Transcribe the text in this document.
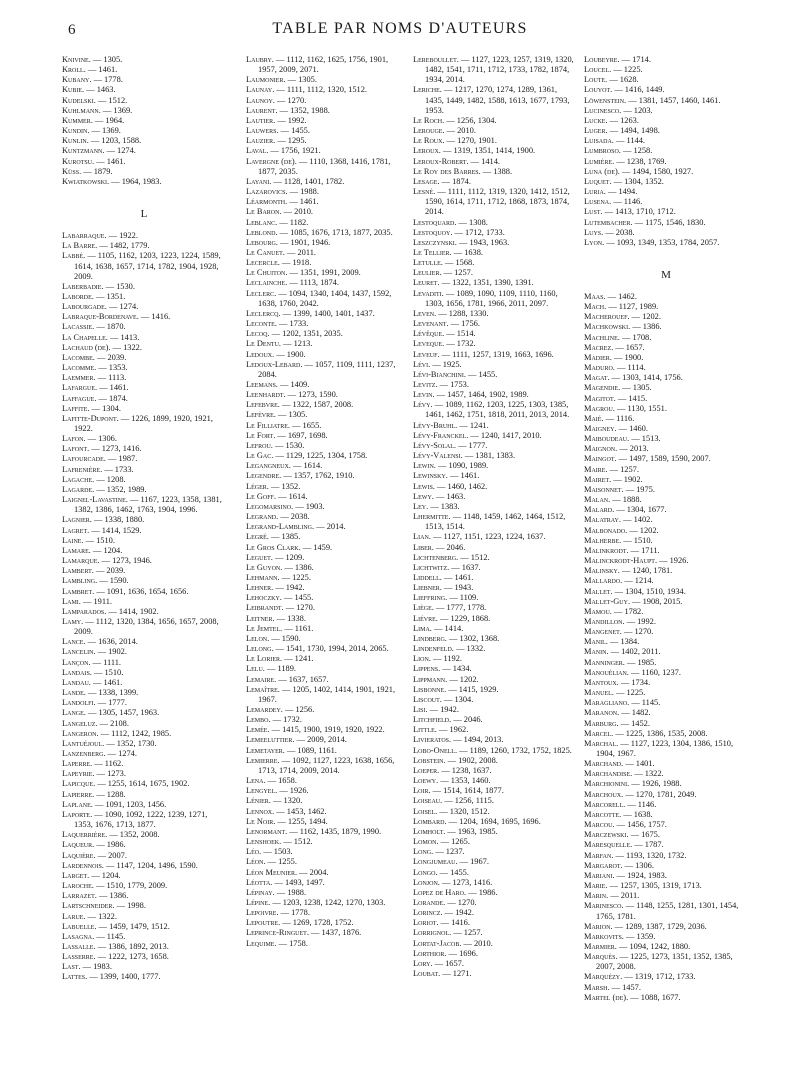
6	TABLE PAR NOMS D'AUTEURS
Knivine. — 1305.
Kroll. — 1461.
Kubany. — 1778.
Kubie. — 1463.
Kudelski. — 1512.
Kuhlmann. — 1369.
Kummer. — 1964.
Kundin. — 1369.
Kunlin. — 1203, 1588.
Kuntzmann. — 1274.
Kurotsu. — 1461.
Küss. — 1879.
Kwiatkowski. — 1964, 1983.
L
Labarraque. — 1922.
La Barre. — 1482, 1779.
Labbé. — 1105, 1162, 1203, 1223, 1224, 1589, 1614, 1638, 1657, 1714, 1782, 1904, 1928, 2009.
Laberbadie. — 1530.
Laborde. — 1351.
Labourgade. — 1274.
Labraque-Bordenave. — 1416.
Lacassie. — 1870.
La Chapelle. — 1413.
Lachaud (de). — 1322.
Lacombe. — 2039.
Lacomme. — 1353.
Laemmer. — 1113.
Lafargue. — 1461.
Laffague. — 1874.
Laffite. — 1304.
Lafitte-Dupont. — 1226, 1899, 1920, 1921, 1922.
Lafon. — 1306.
Lafont. — 1273, 1416.
Lafourcade. — 1987.
Lafrenière. — 1733.
Lagache. — 1208.
Lagarde. — 1352, 1989.
Laignel-Lavastine. — 1167, 1223, 1358, 1381, 1382, 1386, 1462, 1763, 1904, 1996.
Lagnier. — 1338, 1880.
Lagret. — 1414, 1529.
Laine. — 1510.
Lamare. — 1204.
Lamarque. — 1273, 1946.
Lambert. — 2039.
Lambling. — 1590.
Lambret. — 1091, 1636, 1654, 1656.
Lami. — 1911.
Lamparados. — 1414, 1902.
Lamy. — 1112, 1320, 1384, 1656, 1657, 2008, 2009.
Lance. — 1636, 2014.
Lancelin. — 1902.
Lançon. — 1111.
Landais. — 1510.
Landau. — 1461.
Lande. — 1338, 1399.
Landolfi. — 1777.
Lange. — 1305, 1457, 1963.
Langeluz. — 2108.
Langeron. — 1112, 1242, 1985.
Lantuéjoul. — 1352, 1730.
Lanzenberg. — 1274.
Laperre. — 1162.
Lapeyrie. — 1273.
Lapicque. — 1255, 1614, 1675, 1902.
Lapierre. — 1288.
Laplane. — 1091, 1203, 1456.
Laporte. — 1090, 1092, 1222, 1239, 1271, 1353, 1676, 1713, 1877.
Laquerrière. — 1352, 2008.
Laqueur. — 1986.
Laquière. — 2007.
Lardennois. — 1147, 1204, 1496, 1590.
Larget. — 1204.
Laroche. — 1510, 1779, 2009.
Larrazet. — 1386.
Lartschneider. — 1998.
Larue. — 1322.
Labuelle. — 1459, 1479, 1512.
Lasagna. — 1145.
Lassalle. — 1386, 1892, 2013.
Lasserre. — 1222, 1273, 1658.
Last. — 1983.
Lattes. — 1399, 1400, 1777.
Laubry. — 1112, 1162, 1625, 1756, 1901, 1957, 2009, 2071.
Laumonier. — 1305.
Launay. — 1111, 1112, 1320, 1512.
Launoy. — 1270.
Laurent. — 1352, 1988.
Lautier. — 1992.
Lauwers. — 1455.
Lauzier. — 1295.
Laval. — 1756, 1921.
Lavergne (de). — 1110, 1368, 1416, 1781, 1877, 2035.
Layani. — 1128, 1401, 1782.
Lazarovics. — 1988.
Léarmonth. — 1461.
Le Baron. — 2010.
Leblanc. — 1182.
Leblond. — 1085, 1676, 1713, 1877, 2035.
Lebourg. — 1901, 1946.
Le Canuet. — 2011.
Lecercle. — 1918.
Le Chuiton. — 1351, 1991, 2009.
Leclainche. — 1113, 1874.
Leclerc. — 1094, 1340, 1404, 1437, 1592, 1638, 1760, 2042.
Leclercq. — 1399, 1400, 1401, 1437.
Leconte. — 1733.
Lecoq. — 1202, 1351, 2035.
Le Dentu. — 1213.
Ledoux. — 1900.
Ledoux-Lebard. — 1057, 1109, 1111, 1237, 2084.
Leemans. — 1409.
Leenhardt. — 1273, 1590.
Lefebvre. — 1322, 1587, 2008.
Lefèvre. — 1305.
Le Filliatre. — 1655.
Le Fort. — 1697, 1698.
Lefrou. — 1530.
Le Gac. — 1129, 1225, 1304, 1758.
Legangneux. — 1614.
Legendre. — 1357, 1762, 1910.
Léger. — 1352.
Le Goff. — 1614.
Legomarsino. — 1903.
Legrand. — 2038.
Legrand-Lambling. — 2014.
Legré. — 1385.
Le Gros Clark. — 1459.
Leguet. — 1209.
Le Guyon. — 1386.
Lehmann. — 1225.
Lehner. — 1942.
Lehoczky. — 1455.
Leibrandt. — 1270.
Leitner. — 1338.
Le Jemtel. — 1161.
Lelon. — 1590.
Lelong. — 1541, 1730, 1994, 2014, 2065.
Le Lorier. — 1241.
Lelu. — 1189.
Lemaire. — 1637, 1657.
Lemaître. — 1205, 1402, 1414, 1901, 1921, 1967.
Lemardey. — 1256.
Lembo. — 1732.
Lemée. — 1415, 1900, 1919, 1920, 1922.
Lemeeluttier. — 2009, 2014.
Lemetayer. — 1089, 1161.
Lemierre. — 1092, 1127, 1223, 1638, 1656, 1713, 1714, 2009, 2014.
Lena. — 1658.
Lengyel. — 1926.
Lénier. — 1320.
Lennox. — 1453, 1462.
Le Noir. — 1255, 1494.
Lenormant. — 1162, 1435, 1879, 1990.
Lenshoek. — 1512.
Léo. — 1503.
Léon. — 1255.
Léon Meunier. — 2004.
Léotta. — 1493, 1497.
Lépinay. — 1988.
Lépine. — 1203, 1238, 1242, 1270, 1303.
Lepoivre. — 1778.
Lepoutre. — 1269, 1728, 1752.
Leprince-Ringuet. — 1437, 1876.
Lequime. — 1758.
Lereboullet. — 1127, 1223, 1257, 1319, 1320, 1482, 1541, 1711, 1712, 1733, 1782, 1874, 1934, 2014.
Leriche. — 1217, 1270, 1274, 1289, 1361, 1435, 1449, 1482, 1588, 1613, 1677, 1793, 1953.
Le Roch. — 1256, 1304.
Lerouge. — 2010.
Le Roux. — 1270, 1901.
Leroux. — 1319, 1351, 1414, 1900.
Leroux-Robert. — 1414.
Le Roy des Barres. — 1388.
Lesage. — 1874.
Lesné. — 1111, 1112, 1319, 1320, 1412, 1512, 1590, 1614, 1711, 1712, 1868, 1873, 1874, 2014.
Lestoquard. — 1308.
Lestoquoy. — 1712, 1733.
Leszczynski. — 1943, 1963.
Le Tellier. — 1638.
Letulle. — 1568.
Leulier. — 1257.
Leuret. — 1322, 1351, 1390, 1391.
Levaditi. — 1089, 1090, 1109, 1110, 1160, 1303, 1656, 1781, 1966, 2011, 2097.
Leven. — 1288, 1330.
Levenant. — 1756.
Lévêque. — 1514.
Leveque. — 1732.
Leveuf. — 1111, 1257, 1319, 1663, 1696.
Lévi. — 1925.
Lévi-Bianchini. — 1455.
Levitz. — 1753.
Levin. — 1457, 1464, 1902, 1989.
Lévy. — 1089, 1162, 1203, 1225, 1303, 1385, 1461, 1462, 1751, 1818, 2011, 2013, 2014.
Lévy-Bruhl. — 1241.
Lévy-Franckel. — 1240, 1417, 2010.
Lévy-Solal. — 1777.
Lévy-Valensi. — 1381, 1383.
Lewin. — 1090, 1989.
Lewinsky. — 1461.
Lewis. — 1460, 1462.
Lewy. — 1463.
Ley. — 1383.
Lhermitte. — 1148, 1459, 1462, 1464, 1512, 1513, 1514.
Lian. — 1127, 1151, 1223, 1224, 1637.
Liber. — 2046.
Lichtenberg. — 1512.
Lichtwitz. — 1637.
Liddell. — 1461.
Liebner. — 1943.
Lieffring. — 1109.
Liège. — 1777, 1778.
Liévre. — 1229, 1868.
Lima. — 1414.
Lindberg. — 1302, 1368.
Lindenfeld. — 1332.
Lion. — 1192.
Lippens. — 1434.
Lippmann. — 1202.
Lisbonne. — 1415, 1929.
Liscout. — 1304.
Lisi. — 1942.
Litchfield. — 2046.
Little. — 1962.
Livieratos. — 1494, 2013.
Lobo-Onell. — 1189, 1260, 1732, 1752, 1825.
Lobstein. — 1902, 2008.
Loeper. — 1238, 1637.
Loewy. — 1353, 1460.
Loir. — 1514, 1614, 1877.
Loiseau. — 1256, 1115.
Loisel. — 1320, 1512.
Lombard. — 1204, 1694, 1695, 1696.
Lomholt. — 1963, 1985.
Lomon. — 1265.
Long. — 1237.
Longjumeau. — 1967.
Longo. — 1455.
Lonjon. — 1273, 1416.
Lopez de Haro. — 1986.
Lorande. — 1270.
Lorincz. — 1942.
Loriot. — 1416.
Lorrignol. — 1257.
Lortat-Jacob. — 2010.
Lorthior. — 1696.
Lory. — 1657.
Loubat. — 1271.
Loubeyre. — 1714.
Loucel. — 1225.
Loute. — 1628.
Louyot. — 1416, 1449.
Löwenstein. — 1381, 1457, 1460, 1461.
Lucinesco. — 1203.
Lucke. — 1263.
Luger. — 1494, 1498.
Luisada. — 1144.
Lumbroso. — 1258.
Lumière. — 1238, 1769.
Luna (de). — 1494, 1580, 1927.
Luquet. — 1304, 1352.
Luria. — 1494.
Lusena. — 1146.
Lust. — 1413, 1710, 1712.
Lutembacher. — 1175, 1546, 1830.
Luys. — 2038.
Lyon. — 1093, 1349, 1353, 1784, 2057.
M
Maas. — 1462.
Mach. — 1127, 1989.
Macherouef. — 1202.
Machkowski. — 1386.
Machline. — 1708.
Macrez. — 1657.
Madier. — 1900.
Maduro. — 1114.
Magat. — 1303, 1414, 1756.
Magendie. — 1305.
Magitot. — 1415.
Magrou. — 1130, 1551.
Maié. — 1116.
Maigney. — 1460.
Maiboudeau. — 1513.
Maignon. — 2013.
Maingot. — 1497, 1589, 1590, 2007.
Maire. — 1257.
Mairet. — 1902.
Maisonnet. — 1975.
Malan. — 1888.
Malard. — 1304, 1677.
Malatray. — 1402.
Malbonado. — 1202.
Malherbe. — 1510.
Malinkrodt. — 1711.
Malinckrodt-Haupt. — 1926.
Malinsky. — 1240, 1781.
Mallardo. — 1214.
Mallet. — 1304, 1510, 1934.
Mallet-Guy. — 1908, 2015.
Mamou. — 1782.
Mandillon. — 1992.
Mangenet. — 1270.
Manil. — 1384.
Manin. — 1402, 2011.
Manninger. — 1985.
Manouélian. — 1160, 1237.
Mantoux. — 1734.
Manuel. — 1225.
Maragliano. — 1145.
Maranon. — 1482.
Marburg. — 1452.
Marcel. — 1225, 1386, 1535, 2008.
Marchal. — 1127, 1223, 1304, 1386, 1510, 1904, 1967.
Marchand. — 1401.
Marchandise. — 1322.
Marchionini. — 1926, 1988.
Marchoux. — 1270, 1781, 2049.
Marcorell. — 1146.
Marcotte. — 1638.
Marcou. — 1456, 1757.
Marczewski. — 1675.
Maresquelle. — 1787.
Marfan. — 1193, 1320, 1732.
Margarot. — 1306.
Mariani. — 1924, 1983.
Marie. — 1257, 1305, 1319, 1713.
Marin. — 2011.
Marinesco. — 1148, 1255, 1281, 1301, 1454, 1765, 1781.
Marion. — 1289, 1387, 1729, 2036.
Markovits. — 1359.
Marmier. — 1094, 1242, 1880.
Marquès. — 1225, 1273, 1351, 1352, 1385, 2007, 2008.
Marquézy. — 1319, 1712, 1733.
Marsh. — 1457.
Martel (de). — 1088, 1677.
